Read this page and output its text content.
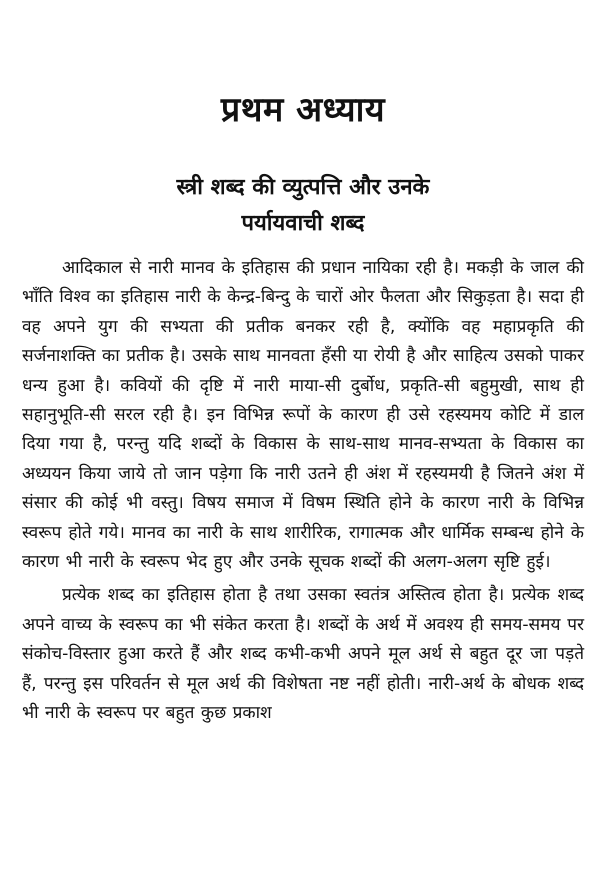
प्रथम अध्याय
स्त्री शब्द की व्युत्पत्ति और उनके
पर्यायवाची शब्द

आदिकाल से नारी मानव के इतिहास की प्रधान नायिका रही है। मकड़ी के जाल की भाँति विश्व का इतिहास नारी के केन्द्र-बिन्दु के चारों ओर फैलता और सिकुड़ता है। सदा ही वह अपने युग की सभ्यता की प्रतीक बनकर रही है, क्योंकि वह महाप्रकृति की सर्जनाशक्ति का प्रतीक है। उसके साथ मानवता हँसी या रोयी है और साहित्य उसको पाकर धन्य हुआ है। कवियों की दृष्टि में नारी माया-सी दुर्बोध, प्रकृति-सी बहुमुखी, साथ ही सहानुभूति-सी सरल रही है। इन विभिन्न रूपों के कारण ही उसे रहस्यमय कोटि में डाल दिया गया है, परन्तु यदि शब्दों के विकास के साथ-साथ मानव-सभ्यता के विकास का अध्ययन किया जाये तो जान पड़ेगा कि नारी उतने ही अंश में रहस्यमयी है जितने अंश में संसार की कोई भी वस्तु। विषय समाज में विषम स्थिति होने के कारण नारी के विभिन्न स्वरूप होते गये। मानव का नारी के साथ शारीरिक, रागात्मक और धार्मिक सम्बन्ध होने के कारण भी नारी के स्वरूप भेद हुए और उनके सूचक शब्दों की अलग-अलग सृष्टि हुई।

प्रत्येक शब्द का इतिहास होता है तथा उसका स्वतंत्र अस्तित्व होता है। प्रत्येक शब्द अपने वाच्य के स्वरूप का भी संकेत करता है। शब्दों के अर्थ में अवश्य ही समय-समय पर संकोच-विस्तार हुआ करते हैं और शब्द कभी-कभी अपने मूल अर्थ से बहुत दूर जा पड़ते हैं, परन्तु इस परिवर्तन से मूल अर्थ की विशेषता नष्ट नहीं होती। नारी-अर्थ के बोधक शब्द भी नारी के स्वरूप पर बहुत कुछ प्रकाश
